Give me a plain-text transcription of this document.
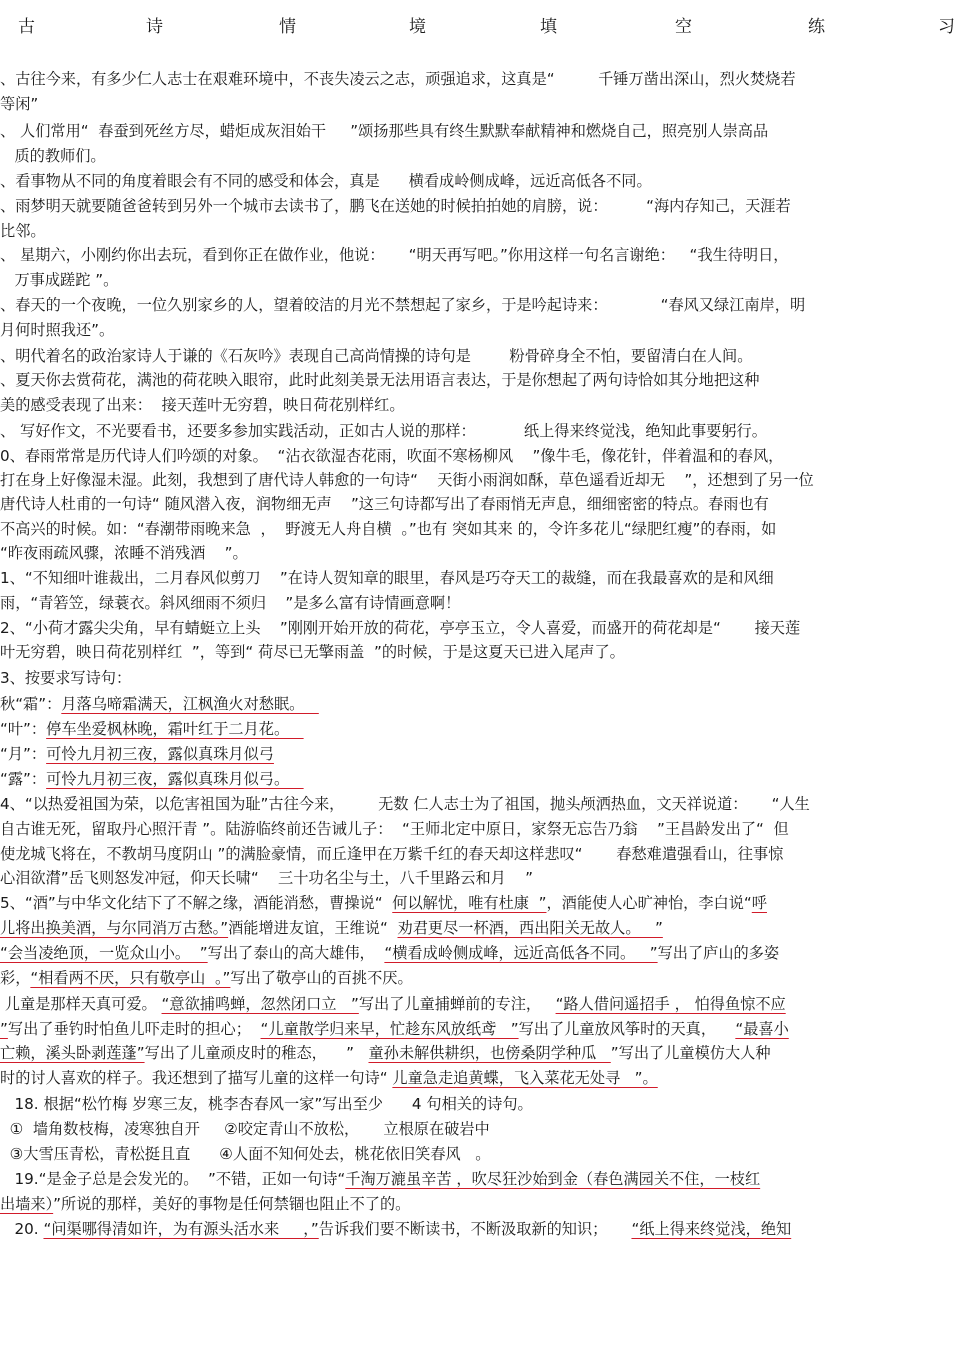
古	诗	情	境	填	空	练	习
、古往今来，有多少仁人志士在艰难环境中，不丧失凌云之志，顽强追求，这真是“         千锤万凿出深山，烈火焚烧若
等闲”
、 人们常用“  春蚕到死丝方尽，蜡炬成灰泪始干     ”颂扬那些具有终生默默奉献精神和燃烧自己，照亮别人崇高品
质的教师们。
、看事物从不同的角度着眼会有不同的感受和体会，真是      横看成岭侧成峰，远近高低各不同。
、雨梦明天就要随爸爸转到另外一个城市去读书了，鹏飞在送她的时候拍拍她的肩膀，说：        “海内存知己，天涯若
比邻。
、 星期六，小刚约你出去玩，看到你正在做作业，他说：     “明天再写吧。”你用这样一句名言谢绝：   “我生待明日，
万事成蹉跎 ”。
、春天的一个夜晚，一位久别家乡的人，望着皎洁的月光不禁想起了家乡，于是吟起诗来：           “春风又绿江南岸，明
月何时照我还”。
、明代着名的政治家诗人于谦的《石灰吟》表现自己高尚情操的诗句是        粉骨碎身全不怕，要留清白在人间。
、夏天你去赏荷花，满池的荷花映入眼帘，此时此刻美景无法用语言表达，于是你想起了两句诗恰如其分地把这种
美的感受表现了出来：  接天莲叶无穷碧，映日荷花别样红。
、 写好作文，不光要看书，还要多参加实践活动，正如古人说的那样：          纸上得来终觉浅，绝知此事要躬行。
0、春雨常常是历代诗人们吟颂的对象。  “沾衣欲湿杏花雨，吹面不寒杨柳风    ”像牛毛，像花针，伴着温和的春风，
打在身上好像湿未湿。此刻，我想到了唐代诗人韩愈的一句诗“    天街小雨润如酥，草色遥看近却无    ”，还想到了另一位
唐代诗人杜甫的一句诗“ 随风潜入夜，润物细无声    ”这三句诗都写出了春雨悄无声息，细细密密的特点。春雨也有
不高兴的时候。如：“春潮带雨晚来急  ，  野渡无人舟自横  。”也有 突如其来 的，令许多花儿“绿肥红瘦”的春雨，如
“昨夜雨疏风骤，浓睡不消残酒    ”。
1、“不知细叶谁裁出，二月春风似剪刀    ”在诗人贺知章的眼里，春风是巧夺天工的裁缝，而在我最喜欢的是和风细
雨，“青箬笠，绿蓑衣。斜风细雨不须归    ”是多么富有诗情画意啊！
2、“小荷才露尖尖角，早有蜻蜓立上头    ”刚刚开始开放的荷花，亭亭玉立，令人喜爱，而盛开的荷花却是“       接天莲
叶无穷碧，映日荷花别样红  ”，等到“ 荷尽已无擎雨盖  ”的时候，于是这夏天已进入尾声了。
3、按要求写诗句：
秋“霜”：月落乌啼霜满天，江枫渔火对愁眠。
“叶”：停车坐爱枫林晚，霜叶红于二月花。
“月”：可怜九月初三夜，露似真珠月似弓
“露”：可怜九月初三夜，露似真珠月似弓。
4、“以热爱祖国为荣，以危害祖国为耻”古往今来，       无数 仁人志士为了祖国，抛头颅洒热血，文天祥说道：     “人生
自古谁无死，留取丹心照汗青 ”。陆游临终前还告诫儿子：  “王师北定中原日，家祭无忘告乃翁    ”王昌龄发出了“  但
使龙城飞将在，不教胡马度阴山 ”的满脸豪情，而丘逢甲在万紫千红的春天却这样悲叹“       春愁难遣强看山，往事惊
心泪欲潸”岳飞则怒发冲冠，仰天长啸“    三十功名尘与土，八千里路云和月    ”
5、“酒”与中华文化结下了不解之缘，酒能消愁，曹操说“  何以解忧，唯有杜康  ”，酒能使人心旷神怡，李白说“呼
儿将出换美酒，与尔同消万古愁。”酒能增进友谊，王维说“  劝君更尽一杯酒，西出阳关无故人。   ”
“会当凌绝顶，一览众山小。  ”写出了泰山的高大雄伟，  “横看成岭侧成峰，远近高低各不同。   ”写出了庐山的多姿
彩，“相看两不厌，只有敬亭山  。”写出了敬亭山的百挑不厌。
儿童是那样天真可爱。 “意欲捕鸣蝉，忽然闭口立   ”写出了儿童捕蝉前的专注，   “路人借问遥招手 ， 怕得鱼惊不应
”写出了垂钓时怕鱼儿吓走时的担心；  “儿童散学归来早，忙趁东风放纸鸢   ”写出了儿童放风筝时的天真，    “最喜小
亡赖，溪头卧剥莲蓬”写出了儿童顽皮时的稚态，    ”   童孙未解供耕织，也傍桑阴学种瓜   ”写出了儿童模仿大人种
时的讨人喜欢的样子。我还想到了描写儿童的这样一句诗“ 儿童急走追黄蝶，飞入菜花无处寻   ”。
18. 根据“松竹梅 岁寒三友，桃李杏春风一家”写出至少      4 句相关的诗句。
①  墙角数枝梅，凌寒独自开     ②咬定青山不放松，     立根原在破岩中
③大雪压青松，青松挺且直      ④人面不知何处去，桃花依旧笑春风   。
19.“是金子总是会发光的。  ”不错，正如一句诗“千淘万漉虽辛苦 ，吹尽狂沙始到金（春色满园关不住，一枝红
出墙来）”所说的那样，美好的事物是任何禁锢也阻止不了的。
20. “问渠哪得清如许，为有源头活水来     ，”告诉我们要不断读书，不断汲取新的知识；     “纸上得来终觉浅，绝知
